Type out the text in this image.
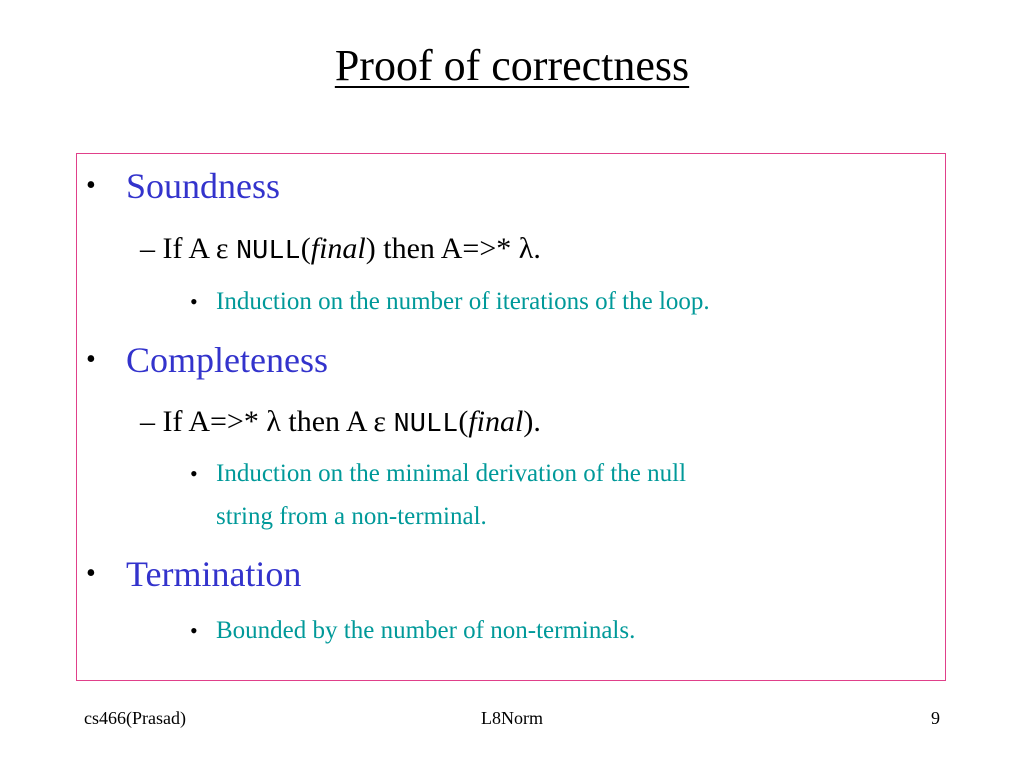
Proof of correctness
• Soundness
– If A ε NULL(final) then A=>* λ.
• Induction on the number of iterations of the loop.
• Completeness
– If A=>* λ then A ε NULL(final).
• Induction on the minimal derivation of the null
string from a non-terminal.
• Termination
• Bounded by the number of non-terminals.
cs466(Prasad)	L8Norm	9
